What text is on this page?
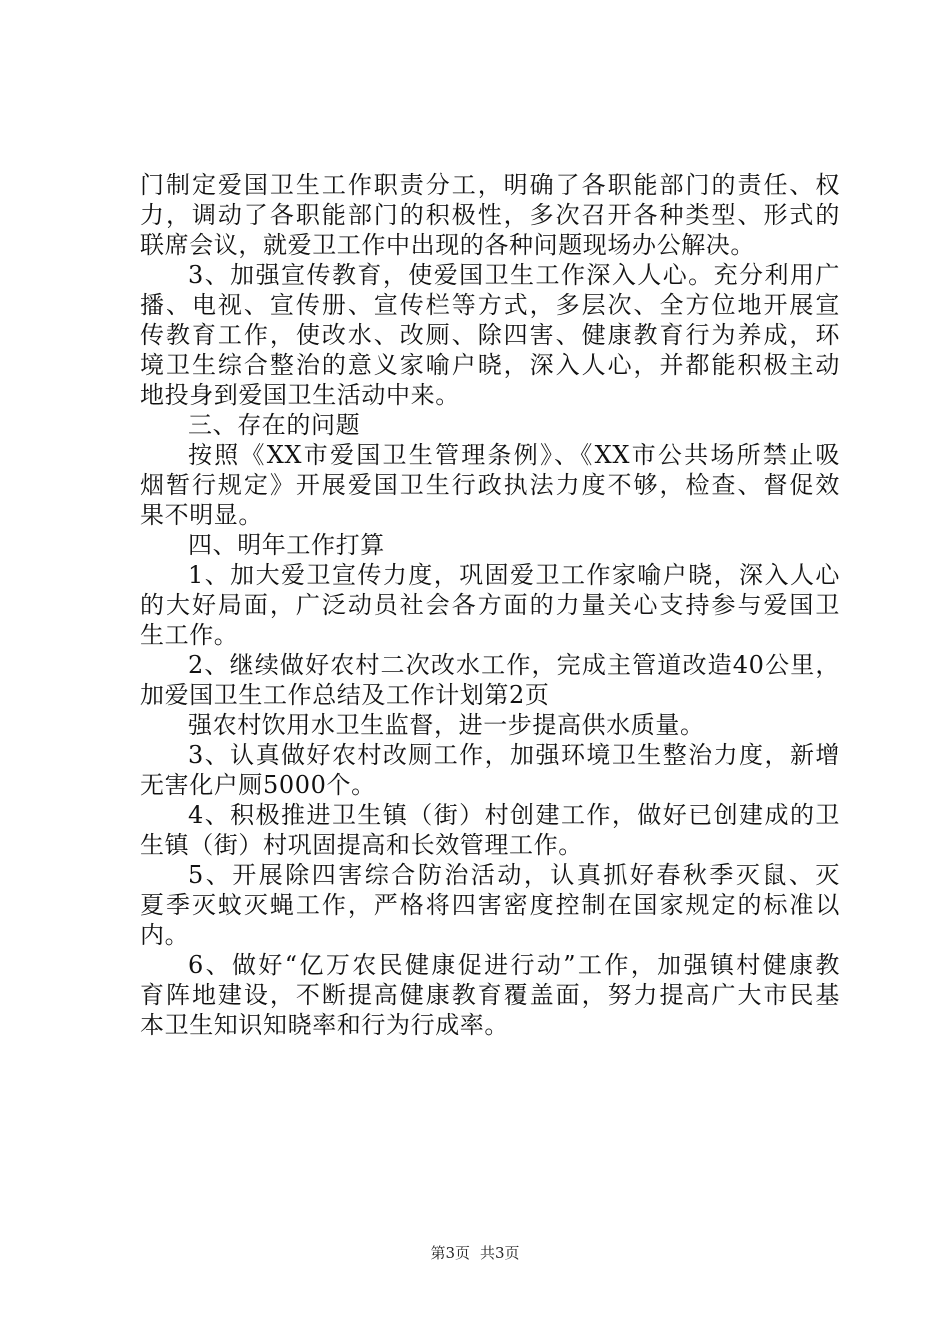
门制定爱国卫生工作职责分工，明确了各职能部门的责任、权
力，调动了各职能部门的积极性，多次召开各种类型、形式的
联席会议，就爱卫工作中出现的各种问题现场办公解决。
3、加强宣传教育，使爱国卫生工作深入人心。充分利用广
播、电视、宣传册、宣传栏等方式，多层次、全方位地开展宣
传教育工作，使改水、改厕、除四害、健康教育行为养成，环
境卫生综合整治的意义家喻户晓，深入人心，并都能积极主动
地投身到爱国卫生活动中来。
三、存在的问题
按照《XX市爱国卫生管理条例》、《XX市公共场所禁止吸
烟暂行规定》开展爱国卫生行政执法力度不够，检查、督促效
果不明显。
四、明年工作打算
1、加大爱卫宣传力度，巩固爱卫工作家喻户晓，深入人心
的大好局面，广泛动员社会各方面的力量关心支持参与爱国卫
生工作。
2、继续做好农村二次改水工作，完成主管道改造40公里，
加爱国卫生工作总结及工作计划第2页
强农村饮用水卫生监督，进一步提高供水质量。
3、认真做好农村改厕工作，加强环境卫生整治力度，新增
无害化户厕5000个。
4、积极推进卫生镇（街）村创建工作，做好已创建成的卫
生镇（街）村巩固提高和长效管理工作。
5、开展除四害综合防治活动，认真抓好春秋季灭鼠、灭
夏季灭蚊灭蝇工作，严格将四害密度控制在国家规定的标准以
内。
6、做好“亿万农民健康促进行动”工作，加强镇村健康教
育阵地建设，不断提高健康教育覆盖面，努力提高广大市民基
本卫生知识知晓率和行为行成率。
第3页 共3页
